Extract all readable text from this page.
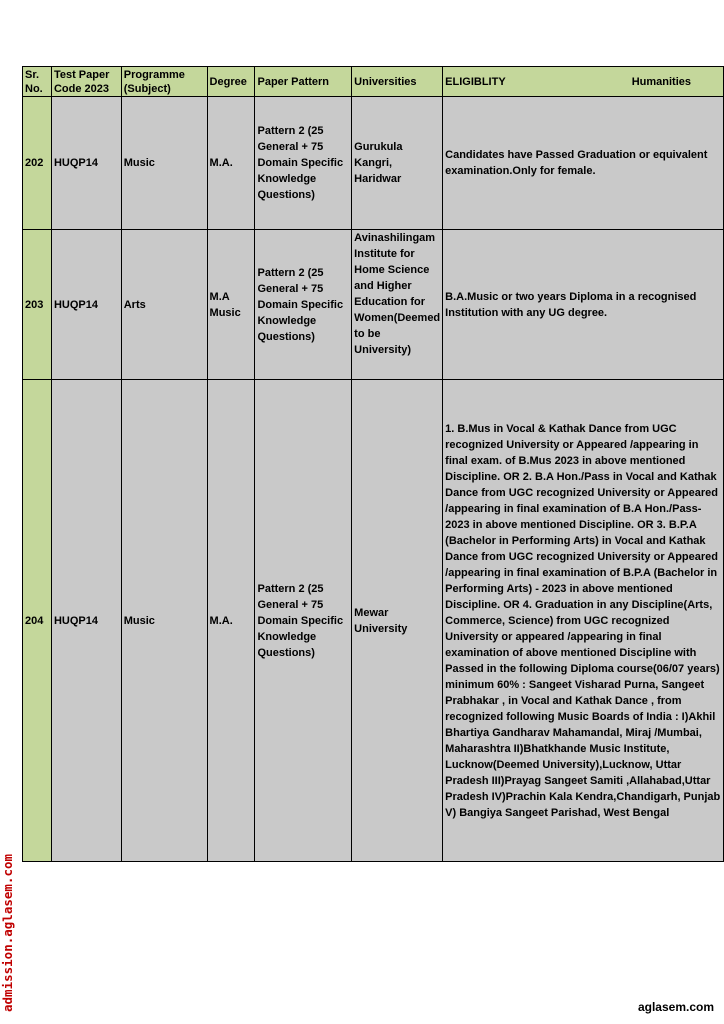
Sr. No.	Test Paper Code 2023	Programme (Subject)	Degree	Paper Pattern	Universities	ELIGIBLITY Humanities

202	HUQP14	Music	M.A.	Pattern 2 (25 General + 75 Domain Specific Knowledge Questions)	Gurukula Kangri, Haridwar	Candidates have Passed Graduation or equivalent examination.Only for female.
203	HUQP14	Arts	M.A Music	Pattern 2 (25 General + 75 Domain Specific Knowledge Questions)	Avinashilingam Institute for Home Science and Higher Education for Women(Deemed to be University)	B.A.Music or two years Diploma in a recognised Institution with any UG degree.
204	HUQP14	Music	M.A.	Pattern 2 (25 General + 75 Domain Specific Knowledge Questions)	Mewar University	1. B.Mus in Vocal & Kathak Dance from UGC recognized University or Appeared /appearing in final exam. of B.Mus 2023 in above mentioned Discipline. OR 2. B.A Hon./Pass in Vocal and Kathak Dance from UGC recognized University or Appeared /appearing in final examination of B.A Hon./Pass-2023 in above mentioned Discipline. OR 3. B.P.A (Bachelor in Performing Arts) in Vocal and Kathak Dance from UGC recognized University or Appeared /appearing in final examination of B.P.A (Bachelor in Performing Arts) - 2023 in above mentioned Discipline. OR 4. Graduation in any Discipline(Arts, Commerce, Science) from UGC recognized University or appeared /appearing in final examination of above mentioned Discipline with Passed in the following Diploma course(06/07 years) minimum 60% : Sangeet Visharad Purna, Sangeet Prabhakar , in Vocal and Kathak Dance , from recognized following Music Boards of India : I)Akhil Bhartiya Gandharav Mahamandal, Miraj /Mumbai, Maharashtra II)Bhatkhande Music Institute, Lucknow(Deemed University),Lucknow, Uttar Pradesh III)Prayag Sangeet Samiti ,Allahabad,Uttar Pradesh IV)Prachin Kala Kendra,Chandigarh, Punjab V) Bangiya Sangeet Parishad, West Bengal
admission.aglasem.com	aglasem.com
